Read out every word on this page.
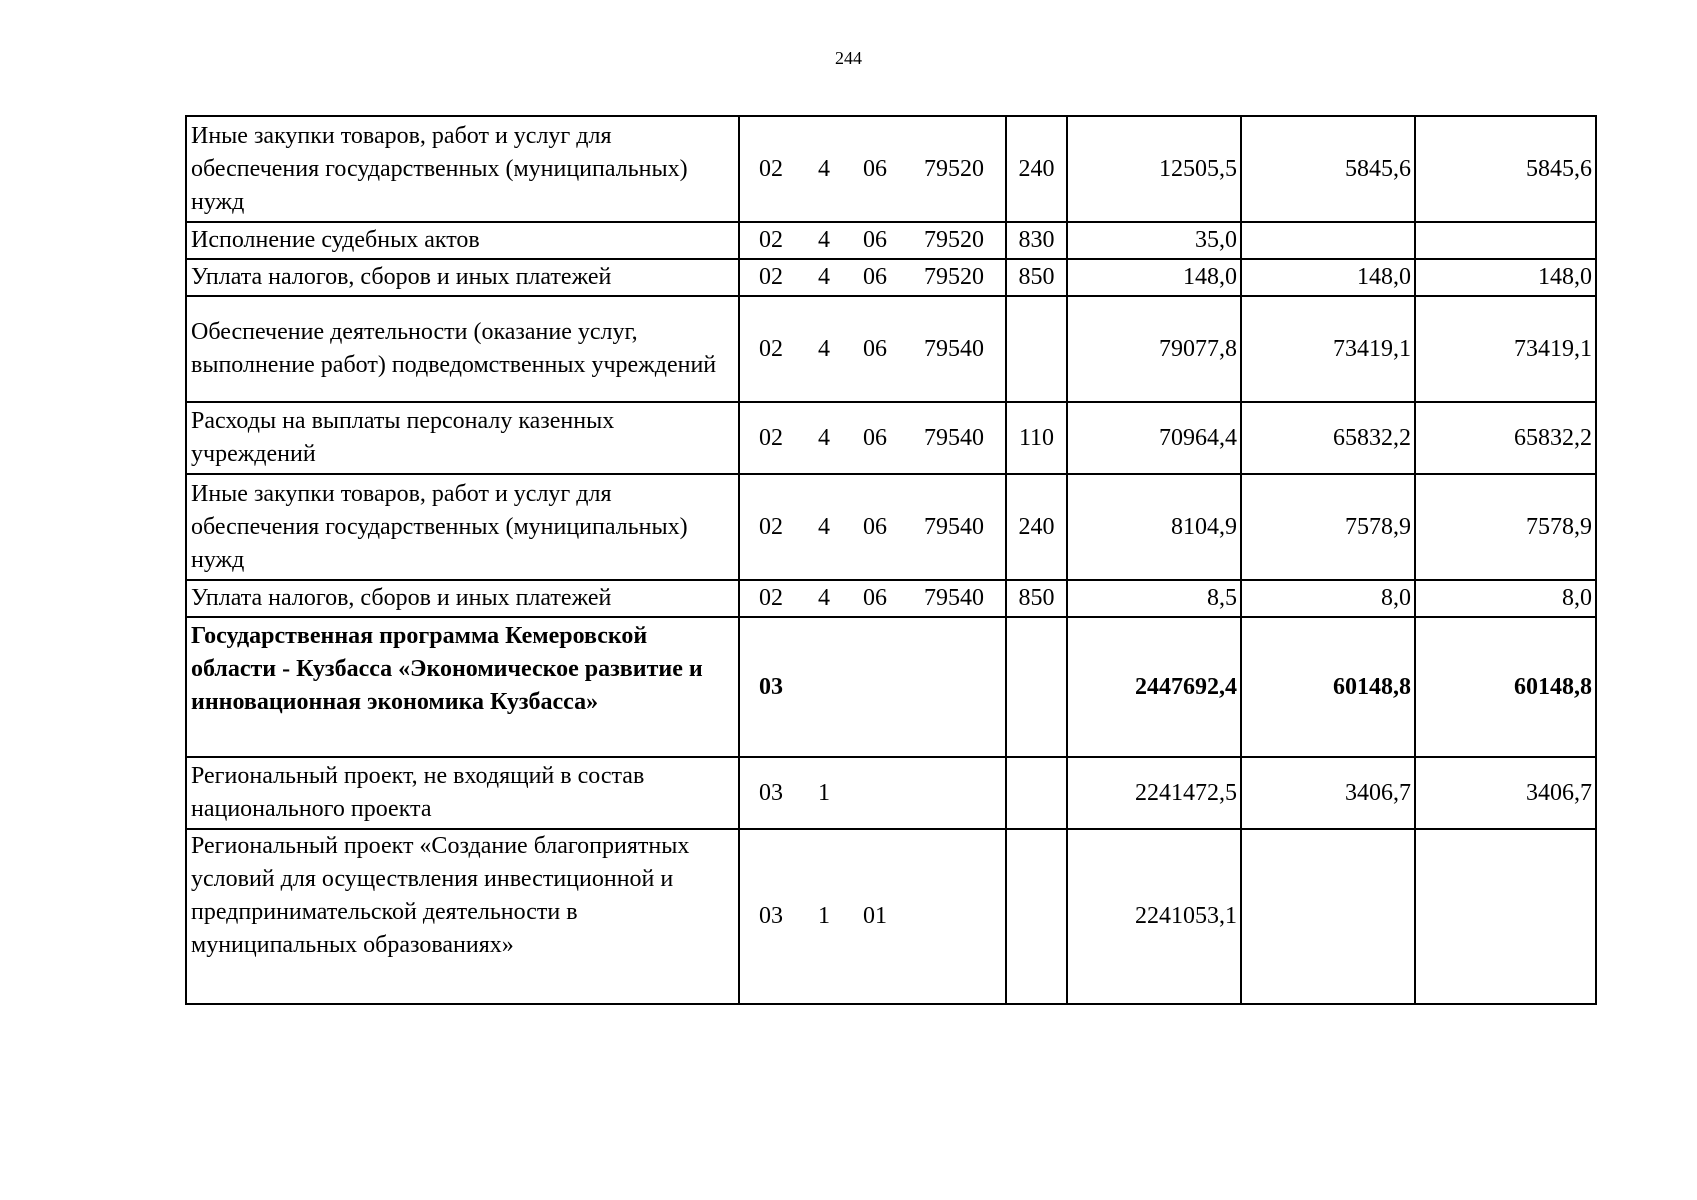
244
Иные закупки товаров, работ и услуг для обеспечения государственных (муниципальных) нужд	02 4 06 79520	240	12505,5	5845,6	5845,6
Исполнение судебных актов	02 4 06 79520	830	35,0		
Уплата налогов, сборов и иных платежей	02 4 06 79520	850	148,0	148,0	148,0
Обеспечение деятельности (оказание услуг, выполнение работ) подведомственных учреждений	02 4 06 79540		79077,8	73419,1	73419,1
Расходы на выплаты персоналу казенных учреждений	02 4 06 79540	110	70964,4	65832,2	65832,2
Иные закупки товаров, работ и услуг для обеспечения государственных (муниципальных) нужд	02 4 06 79540	240	8104,9	7578,9	7578,9
Уплата налогов, сборов и иных платежей	02 4 06 79540	850	8,5	8,0	8,0

Государственная программа Кемеровской области - Кузбасса «Экономическое развитие и инновационная экономика Кузбасса»	03		2447692,4	60148,8	60148,8
Региональный проект, не входящий в состав национального проекта	03 1		2241472,5	3406,7	3406,7

Региональный проект «Создание благоприятных условий для осуществления инвестиционной и предпринимательской деятельности в муниципальных образованиях»	03 1 01		2241053,1		
